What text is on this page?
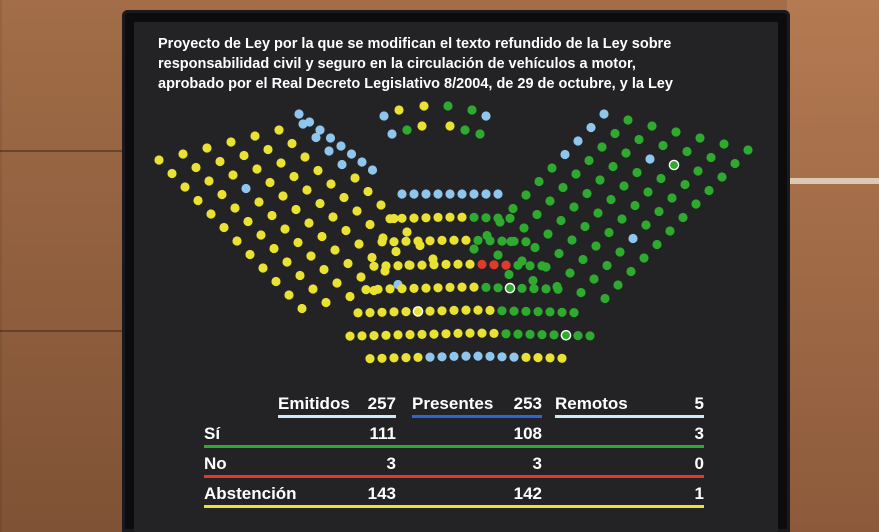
Proyecto de Ley por la que se modifican el texto refundido de la Ley sobre
responsabilidad civil y seguro en la circulación de vehículos a motor,
aprobado por el Real Decreto Legislativo 8/2004, de 29 de octubre, y la Ley
Emitidos	257 Presentes	253 Remotos	5
Sí	111	108	3
No	3	3	0
Abstención	143	142	1
